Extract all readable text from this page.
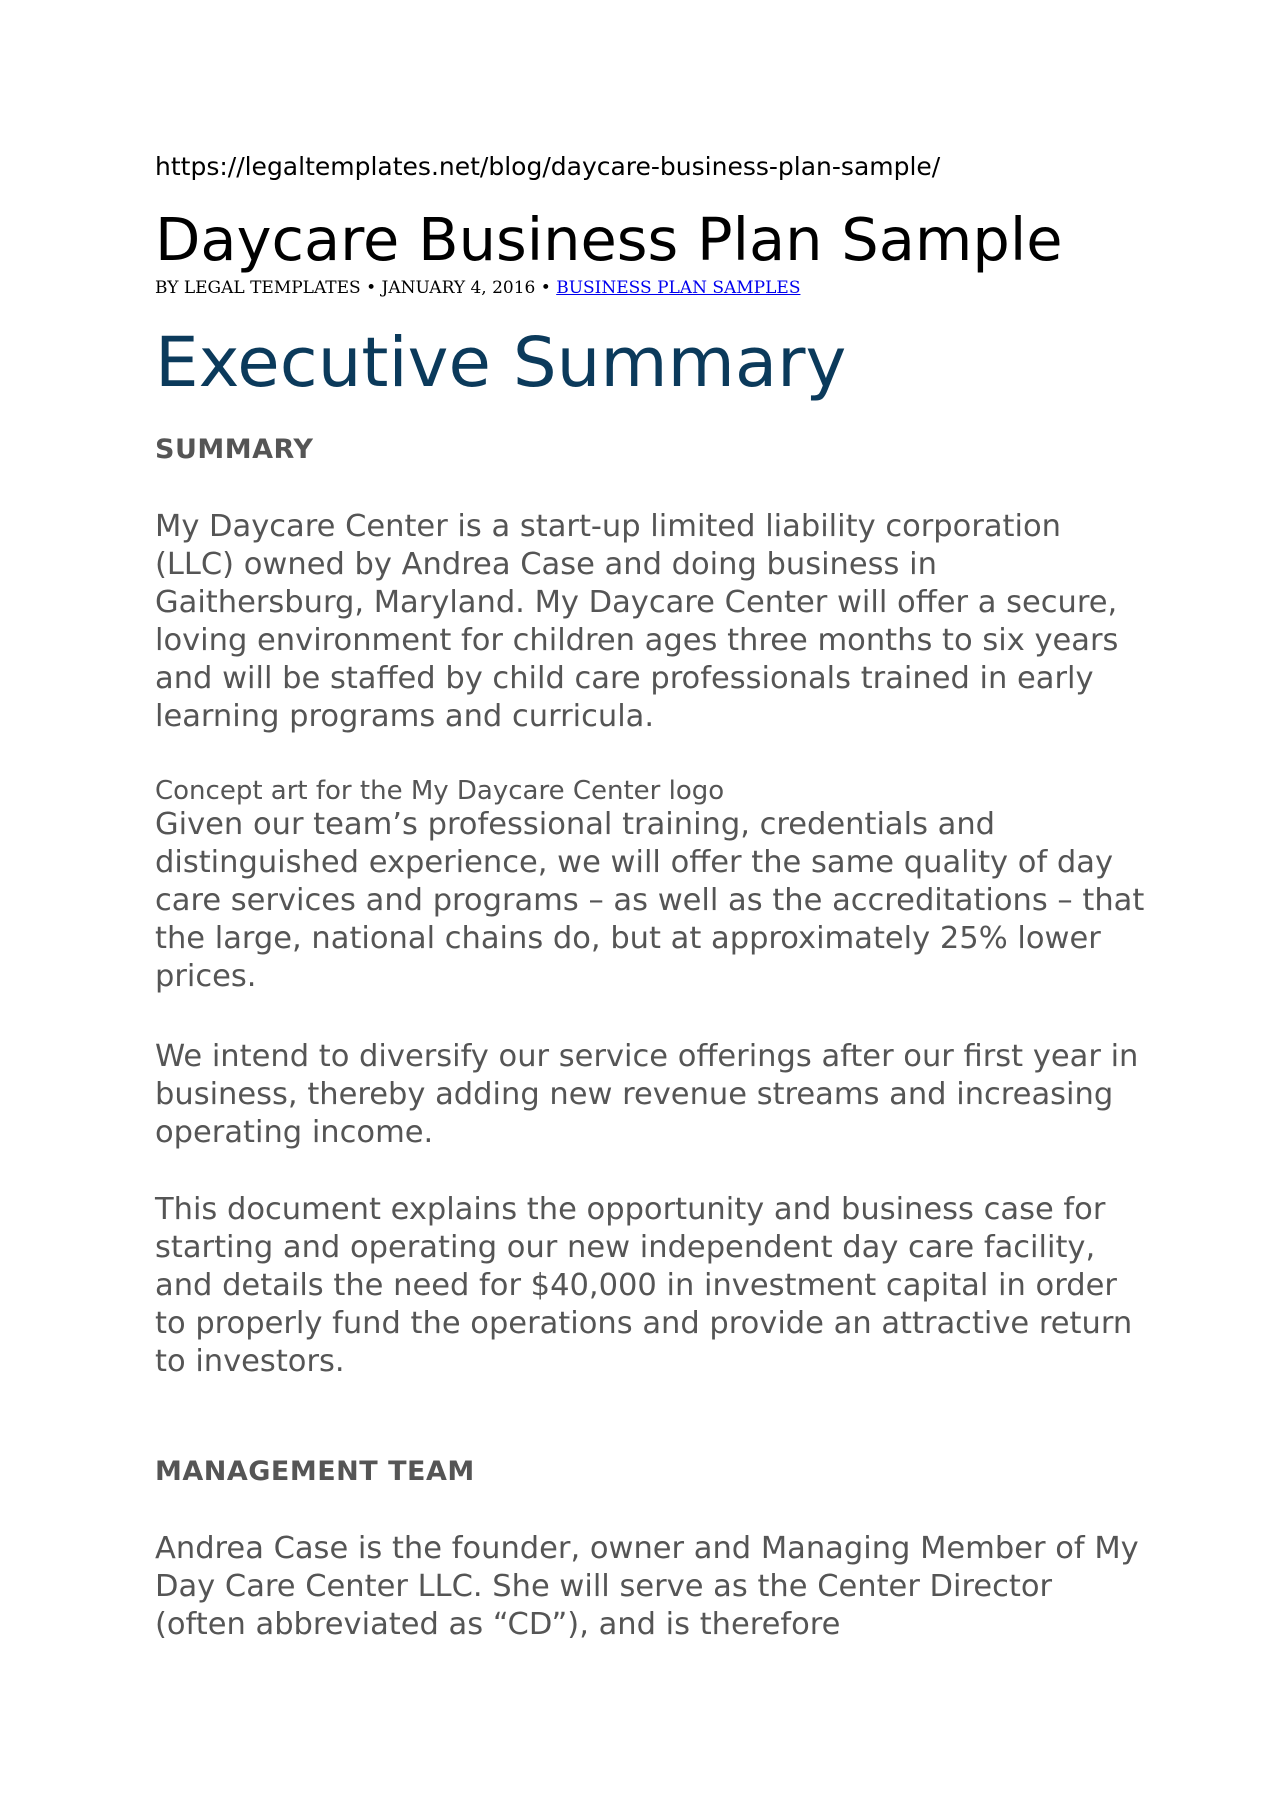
https://legaltemplates.net/blog/daycare-business-plan-sample/
Daycare Business Plan Sample
BY LEGAL TEMPLATES • JANUARY 4, 2016 • BUSINESS PLAN SAMPLES
Executive Summary
SUMMARY

My Daycare Center is a start-up limited liability corporation (LLC) owned by Andrea Case and doing business in Gaithersburg, Maryland. My Daycare Center will offer a secure, loving environment for children ages three months to six years and will be staffed by child care professionals trained in early learning programs and curricula.

Concept art for the My Daycare Center logo

Given our team’s professional training, credentials and distinguished experience, we will offer the same quality of day care services and programs – as well as the accreditations – that the large, national chains do, but at approximately 25% lower prices.

We intend to diversify our service offerings after our first year in business, thereby adding new revenue streams and increasing operating income.

This document explains the opportunity and business case for starting and operating our new independent day care facility, and details the need for $40,000 in investment capital in order to properly fund the operations and provide an attractive return to investors.

MANAGEMENT TEAM

Andrea Case is the founder, owner and Managing Member of My Day Care Center LLC. She will serve as the Center Director (often abbreviated as “CD”), and is therefore
